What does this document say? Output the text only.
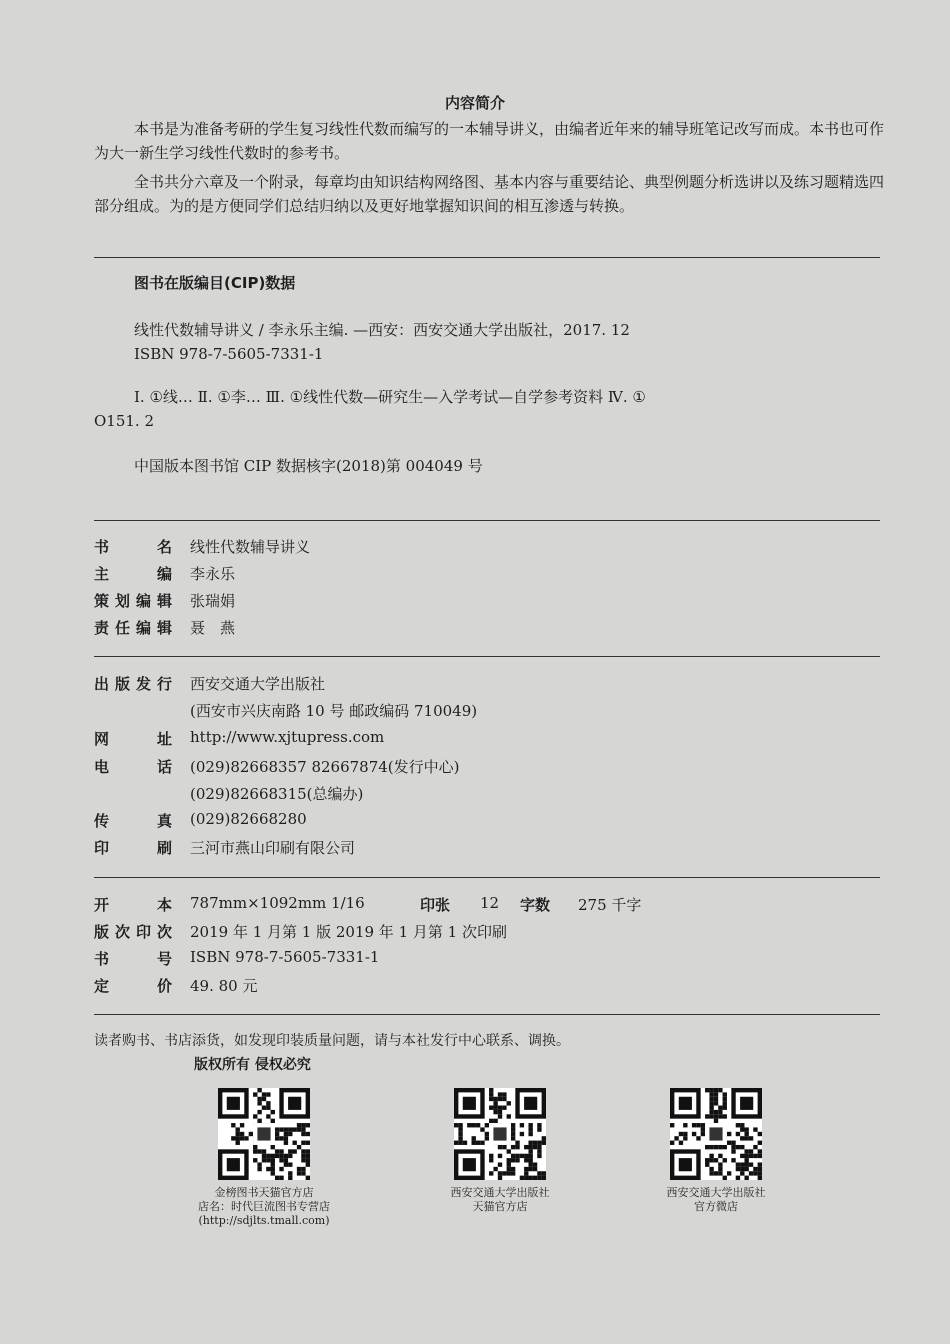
内容简介
本书是为准备考研的学生复习线性代数而编写的一本辅导讲义，由编者近年来的辅导班笔记改写而成。本书也可作为大一新生学习线性代数时的参考书。
全书共分六章及一个附录，每章均由知识结构网络图、基本内容与重要结论、典型例题分析选讲以及练习题精选四部分组成。为的是方便同学们总结归纳以及更好地掌握知识间的相互渗透与转换。
图书在版编目(CIP)数据
线性代数辅导讲义 / 李永乐主编. —西安：西安交通大学出版社，2017. 12
ISBN 978-7-5605-7331-1
Ⅰ. ①线… Ⅱ. ①李… Ⅲ. ①线性代数—研究生—入学考试—自学参考资料 Ⅳ. ①
O151. 2
中国版本图书馆 CIP 数据核字(2018)第 004049 号
书名 线性代数辅导讲义
主编 李永乐
策划编辑 张瑞娟
责任编辑 聂　燕
出版发行 西安交通大学出版社
(西安市兴庆南路 10 号 邮政编码 710049)
网址 http://www.xjtupress.com
电话 (029)82668357 82667874(发行中心)
(029)82668315(总编办)
传真 (029)82668280
印刷 三河市燕山印刷有限公司
开本 787mm×1092mm 1/16	印张 12 字数 275 千字
版次印次 2019 年 1 月第 1 版 2019 年 1 月第 1 次印刷
书号 ISBN 978-7-5605-7331-1
定价 49. 80 元
读者购书、书店添货，如发现印装质量问题，请与本社发行中心联系、调换。
版权所有 侵权必究
金榜图书天猫官方店
店名：时代巨流图书专营店
(http://sdjlts.tmall.com)
西安交通大学出版社
天猫官方店
西安交通大学出版社
官方微店
